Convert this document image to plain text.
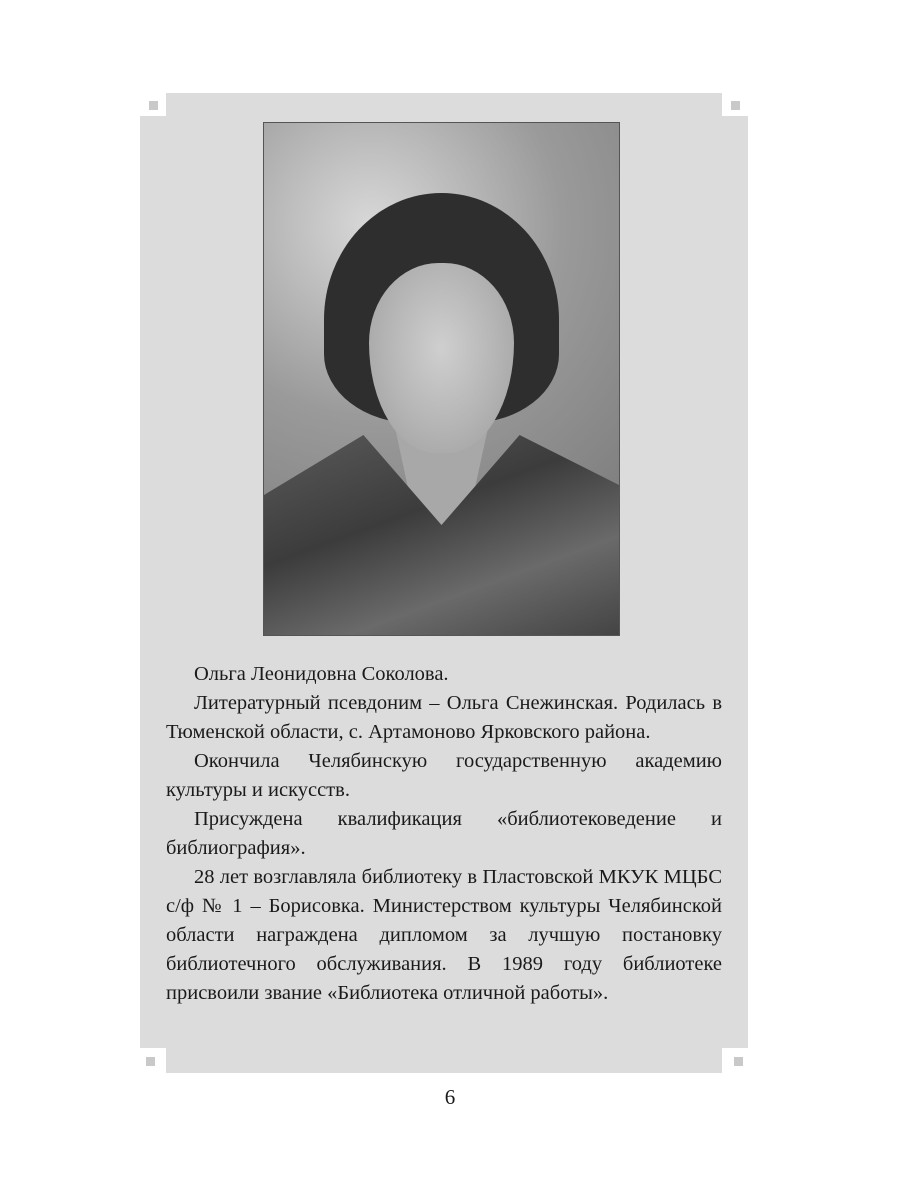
Ольга Леонидовна Соколова.

Литературный псевдоним – Ольга Снежинская. Родилась в Тюменской области, с. Артамоново Ярковского района.

Окончила Челябинскую государственную академию культуры и искусств.

Присуждена квалификация «библиотековедение и библиография».

28 лет возглавляла библиотеку в Пластовской МКУК МЦБС с/ф № 1 – Борисовка. Министерством культуры Челябинской области награждена дипломом за лучшую постановку библиотечного обслуживания. В 1989 году библиотеке присвоили звание «Библиотека отличной работы».

6
